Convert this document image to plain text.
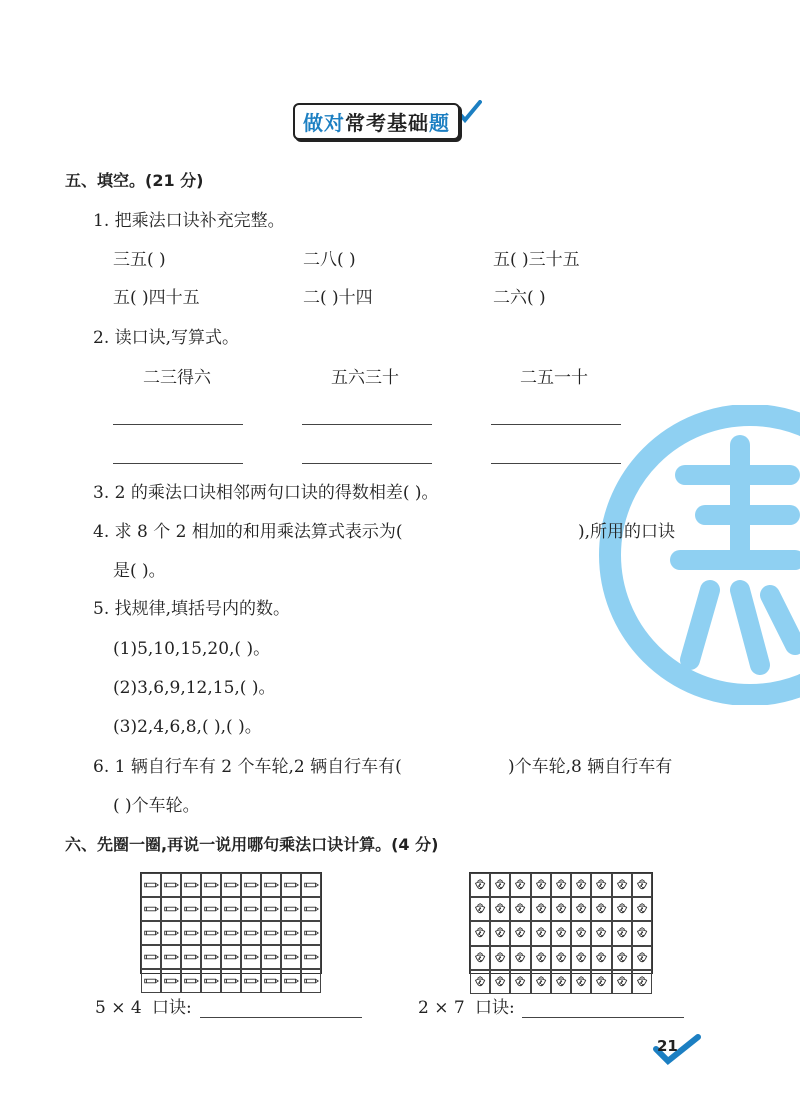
做对常考基础题
五、填空。(21 分)
1. 把乘法口诀补充完整。
三五( )	二八( )	五( )三十五
五( )四十五	二( )十四	二六( )
2. 读口诀,写算式。
二三得六	五六三十	二五一十
3. 2 的乘法口诀相邻两句口诀的得数相差( )。
4. 求 8 个 2 相加的和用乘法算式表示为(	),所用的口诀
是( )。
5. 找规律,填括号内的数。
(1)5,10,15,20,( )。
(2)3,6,9,12,15,( )。
(3)2,4,6,8,( ),( )。
6. 1 辆自行车有 2 个车轮,2 辆自行车有(	)个车轮,8 辆自行车有
( )个车轮。
六、先圈一圈,再说一说用哪句乘法口诀计算。(4 分)
5 × 4 口诀:	2 × 7 口诀:
21
